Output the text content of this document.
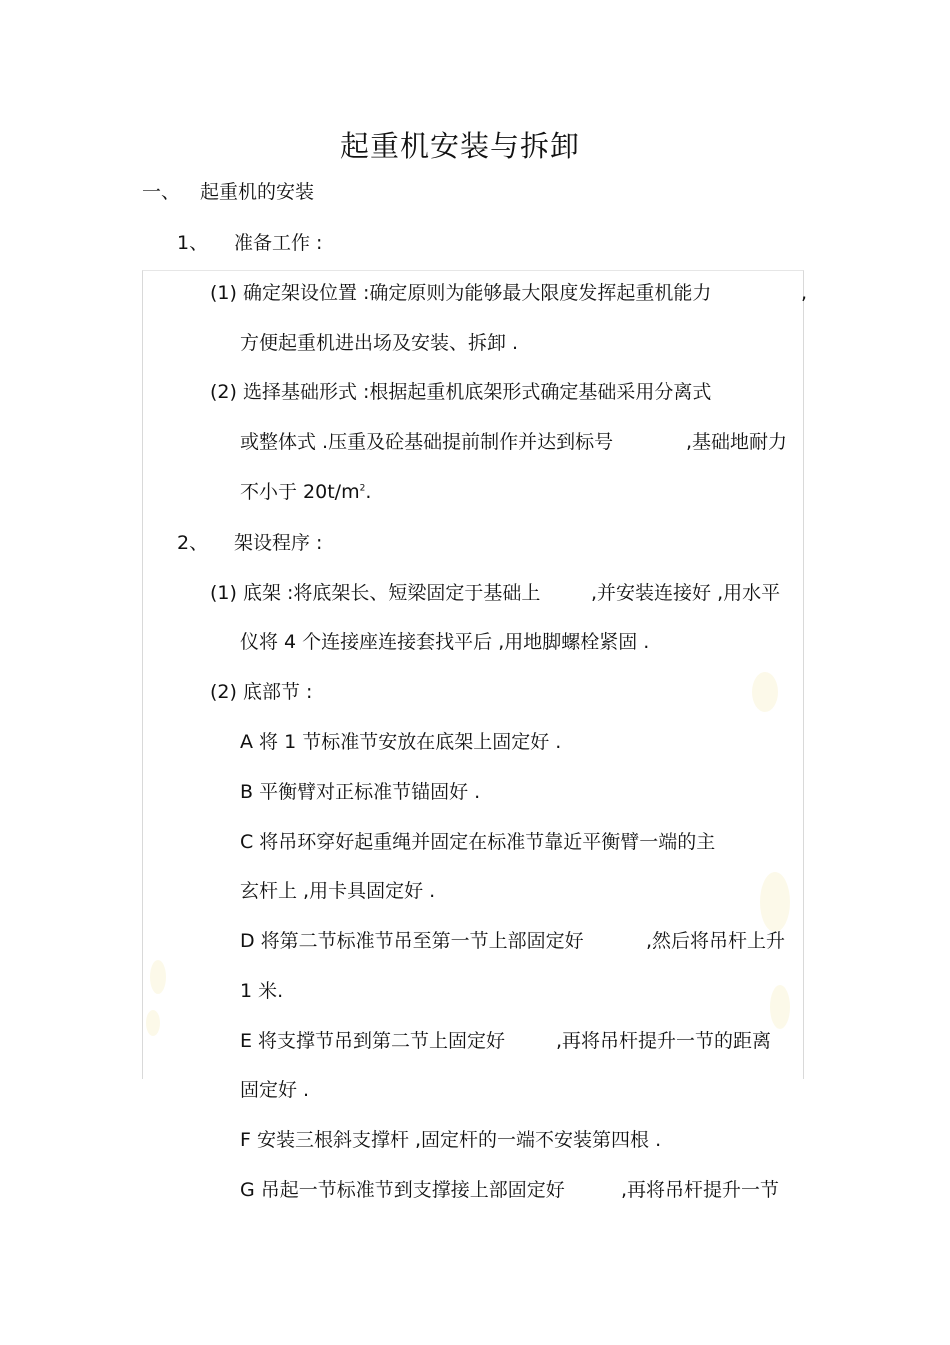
起重机安装与拆卸
一、 起重机的安装
1、 准备工作 :
(1) 确定架设位置 :确定原则为能够最大限度发挥起重机能力	,
方便起重机进出场及安装、拆卸 .
(2) 选择基础形式 :根据起重机底架形式确定基础采用分离式
或整体式 .压重及砼基础提前制作并达到标号	,基础地耐力
不小于 $20t/m^2$.
2、 架设程序 :
(1) 底架 :将底架长、短梁固定于基础上	,并安装连接好 ,用水平
仪将 4 个连接座连接套找平后 ,用地脚螺栓紧固 .
(2) 底部节 :
A 将 1 节标准节安放在底架上固定好 .
B 平衡臂对正标准节锚固好 .
C 将吊环穿好起重绳并固定在标准节靠近平衡臂一端的主
玄杆上 ,用卡具固定好 .
D 将第二节标准节吊至第一节上部固定好	,然后将吊杆上升
1 米.
E 将支撑节吊到第二节上固定好	,再将吊杆提升一节的距离
固定好 .
F 安装三根斜支撑杆 ,固定杆的一端不安装第四根 .
G 吊起一节标准节到支撑接上部固定好	,再将吊杆提升一节
